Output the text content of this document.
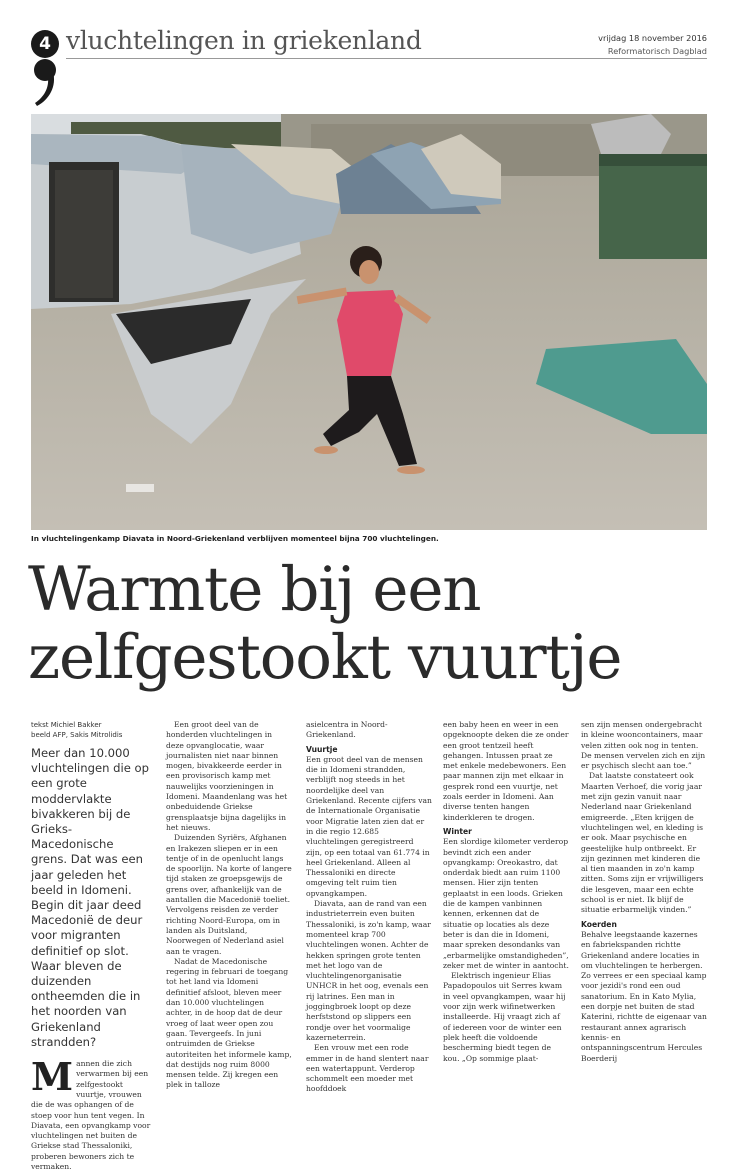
4 vluchtelingen in griekenland	vrijdag 18 november 2016
Reformatorisch Dagblad
In vluchtelingenkamp Diavata in Noord-Griekenland verblijven momenteel bijna 700 vluchtelingen.
Warmte bij een
zelfgestookt vuurtje
tekst Michiel Bakker
beeld AFP, Sakis Mitrolidis
Meer dan 10.000 vluchtelingen die op een grote moddervlakte bivakkeren bij de Grieks-Macedonische grens. Dat was een jaar geleden het beeld in Idomeni. Begin dit jaar deed Macedonië de deur voor migranten definitief op slot. Waar bleven de duizenden ontheemden die in het noorden van Griekenland strandden?
M annen die zich verwarmen bij een zelfgestookt vuurtje, vrouwen die de was ophangen of de stoep voor hun tent vegen. In Diavata, een opvangkamp voor vluchtelingen net buiten de Griekse stad Thessaloniki, proberen bewoners zich te vermaken.

Een groot deel van de honderden vluchtelingen in deze opvanglocatie, waar journalisten niet naar binnen mogen, bivakkeerde eerder in een provisorisch kamp met nauwelijks voorzieningen in Idomeni. Maandenlang was het onbeduidende Griekse grensplaatsje bijna dagelijks in het nieuws.

Duizenden Syriërs, Afghanen en Irakezen sliepen er in een tentje of in de openlucht langs de spoorlijn. Na korte of langere tijd staken ze groepsgewijs de grens over, afhankelijk van de aantallen die Macedonië toeliet. Vervolgens reisden ze verder richting Noord-Europa, om in landen als Duitsland, Noorwegen of Nederland asiel aan te vragen.

Nadat de Macedonische regering in februari de toegang tot het land via Idomeni definitief afsloot, bleven meer dan 10.000 vluchtelingen achter, in de hoop dat de deur vroeg of laat weer open zou gaan. Tevergeefs. In juni ontruimden de Griekse autoriteiten het informele kamp, dat destijds nog ruim 8000 mensen telde. Zij kregen een plek in talloze

asielcentra in Noord-Griekenland.

Vuurtje

Een groot deel van de mensen die in Idomeni strandden, verblijft nog steeds in het noordelijke deel van Griekenland. Recente cijfers van de Internationale Organisatie voor Migratie laten zien dat er in die regio 12.685 vluchtelingen geregistreerd zijn, op een totaal van 61.774 in heel Griekenland. Alleen al Thessaloniki en directe omgeving telt ruim tien opvangkampen.

Diavata, aan de rand van een industrieterrein even buiten Thessaloniki, is zo'n kamp, waar momenteel krap 700 vluchtelingen wonen. Achter de hekken springen grote tenten met het logo van de vluchtelingenorganisatie UNHCR in het oog, evenals een rij latrines. Een man in joggingbroek loopt op deze herfststond op slippers een rondje over het voormalige kazerneterrein.

Een vrouw met een rode emmer in de hand slentert naar een watertappunt. Verderop schommelt een moeder met hoofddoek

een baby heen en weer in een opgeknoopte deken die ze onder een groot tentzeil heeft gehangen. Intussen praat ze met enkele medebewoners. Een paar mannen zijn met elkaar in gesprek rond een vuurtje, net zoals eerder in Idomeni. Aan diverse tenten hangen kinderkleren te drogen.

Winter

Een slordige kilometer verderop bevindt zich een ander opvangkamp: Oreokastro, dat onderdak biedt aan ruim 1100 mensen. Hier zijn tenten geplaatst in een loods. Grieken die de kampen vanbinnen kennen, erkennen dat de situatie op locaties als deze beter is dan die in Idomeni, maar spreken desondanks van „erbarmelijke omstandigheden”, zeker met de winter in aantocht.

Elektrisch ingenieur Elias Papadopoulos uit Serres kwam in veel opvangkampen, waar hij voor zijn werk wifinetwerken installeerde. Hij vraagt zich af of iedereen voor de winter een plek heeft die voldoende bescherming biedt tegen de kou. „Op sommige plaat-

sen zijn mensen ondergebracht in kleine wooncontainers, maar velen zitten ook nog in tenten. De mensen vervelen zich en zijn er psychisch slecht aan toe.”

Dat laatste constateert ook Maarten Verhoef, die vorig jaar met zijn gezin vanuit naar Nederland naar Griekenland emigreerde. „Eten krijgen de vluchtelingen wel, en kleding is er ook. Maar psychische en geestelijke hulp ontbreekt. Er zijn gezinnen met kinderen die al tien maanden in zo'n kamp zitten. Soms zijn er vrijwilligers die lesgeven, maar een echte school is er niet. Ik blijf de situatie erbarmelijk vinden.”

Koerden

Behalve leegstaande kazernes en fabriekspanden richtte Griekenland andere locaties in om vluchtelingen te herbergen. Zo verrees er een speciaal kamp voor jezidi's rond een oud sanatorium. En in Kato Mylia, een dorpje net buiten de stad Katerini, richtte de eigenaar van restaurant annex agrarisch kennis- en ontspanningscentrum Hercules Boerderij
